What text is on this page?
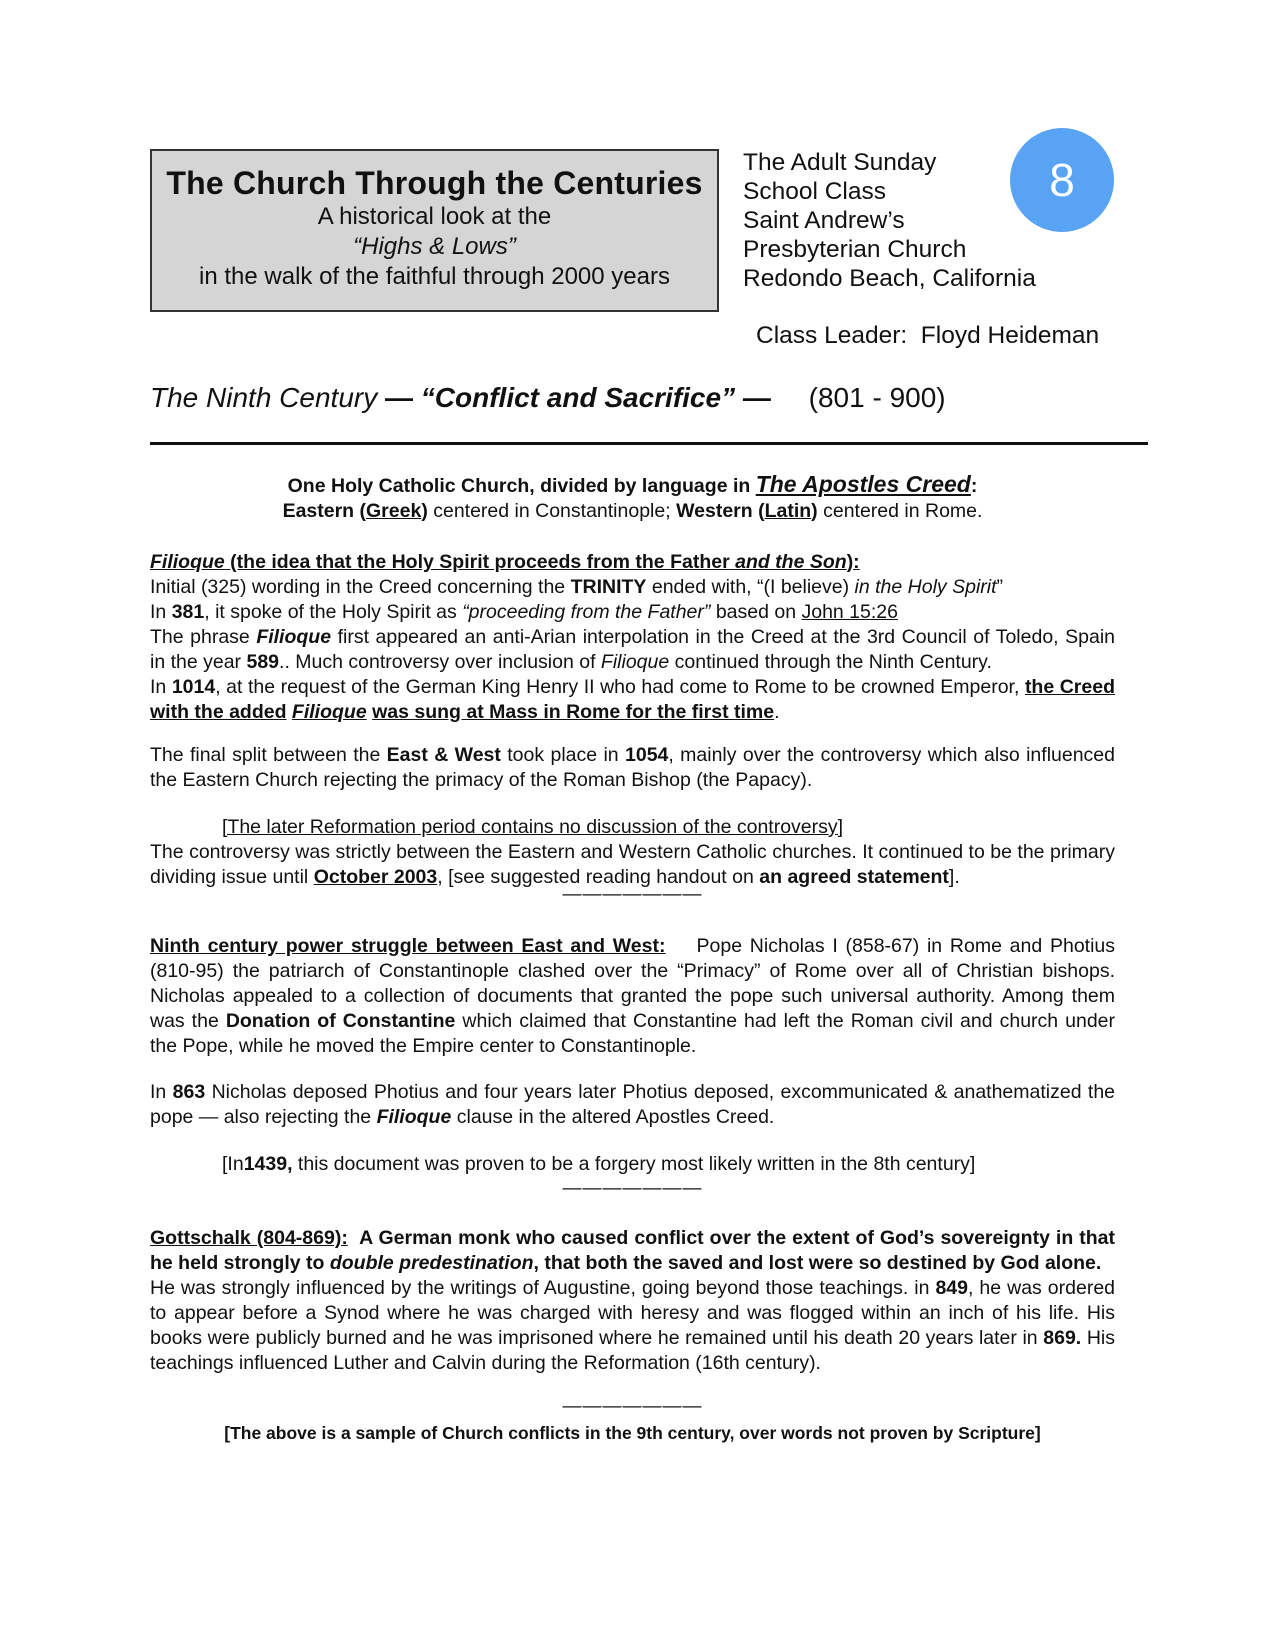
The Church Through the Centuries
A historical look at the
“Highs & Lows”
in the walk of the faithful through 2000 years
The Adult Sunday
School Class
Saint Andrew’s
Presbyterian Church
Redondo Beach, California
8
Class Leader: Floyd Heideman
The Ninth Century — “Conflict and Sacrifice” — (801 - 900)

One Holy Catholic Church, divided by language in The Apostles Creed:

Eastern (Greek) centered in Constantinople; Western (Latin) centered in Rome.

Filioque (the idea that the Holy Spirit proceeds from the Father and the Son):

Initial (325) wording in the Creed concerning the TRINITY ended with, “(I believe) in the Holy Spirit”

In 381, it spoke of the Holy Spirit as “proceeding from the Father” based on John 15:26

The phrase Filioque first appeared an anti-Arian interpolation in the Creed at the 3rd Council of Toledo, Spain in the year 589.. Much controversy over inclusion of Filioque continued through the Ninth Century.

In 1014, at the request of the German King Henry II who had come to Rome to be crowned Emperor, the Creed with the added Filioque was sung at Mass in Rome for the first time.

The final split between the East & West took place in 1054, mainly over the controversy which also influenced the Eastern Church rejecting the primacy of the Roman Bishop (the Papacy).

[The later Reformation period contains no discussion of the controversy]

The controversy was strictly between the Eastern and Western Catholic churches. It continued to be the primary dividing issue until October 2003, [see suggested reading handout on an agreed statement].

———————
Ninth century power struggle between East and West: Pope Nicholas I (858-67) in Rome and Photius (810-95) the patriarch of Constantinople clashed over the “Primacy” of Rome over all of Christian bishops. Nicholas appealed to a collection of documents that granted the pope such universal authority. Among them was the Donation of Constantine which claimed that Constantine had left the Roman civil and church under the Pope, while he moved the Empire center to Constantinople.
In 863 Nicholas deposed Photius and four years later Photius deposed, excommunicated & anathematized the pope — also rejecting the Filioque clause in the altered Apostles Creed.
[In1439, this document was proven to be a forgery most likely written in the 8th century]
———————

Gottschalk (804-869): A German monk who caused conflict over the extent of God’s sovereignty in that he held strongly to double predestination, that both the saved and lost were so destined by God alone.

He was strongly influenced by the writings of Augustine, going beyond those teachings. in 849, he was ordered to appear before a Synod where he was charged with heresy and was flogged within an inch of his life. His books were publicly burned and he was imprisoned where he remained until his death 20 years later in 869. His teachings influenced Luther and Calvin during the Reformation (16th century).

———————
[The above is a sample of Church conflicts in the 9th century, over words not proven by Scripture]
